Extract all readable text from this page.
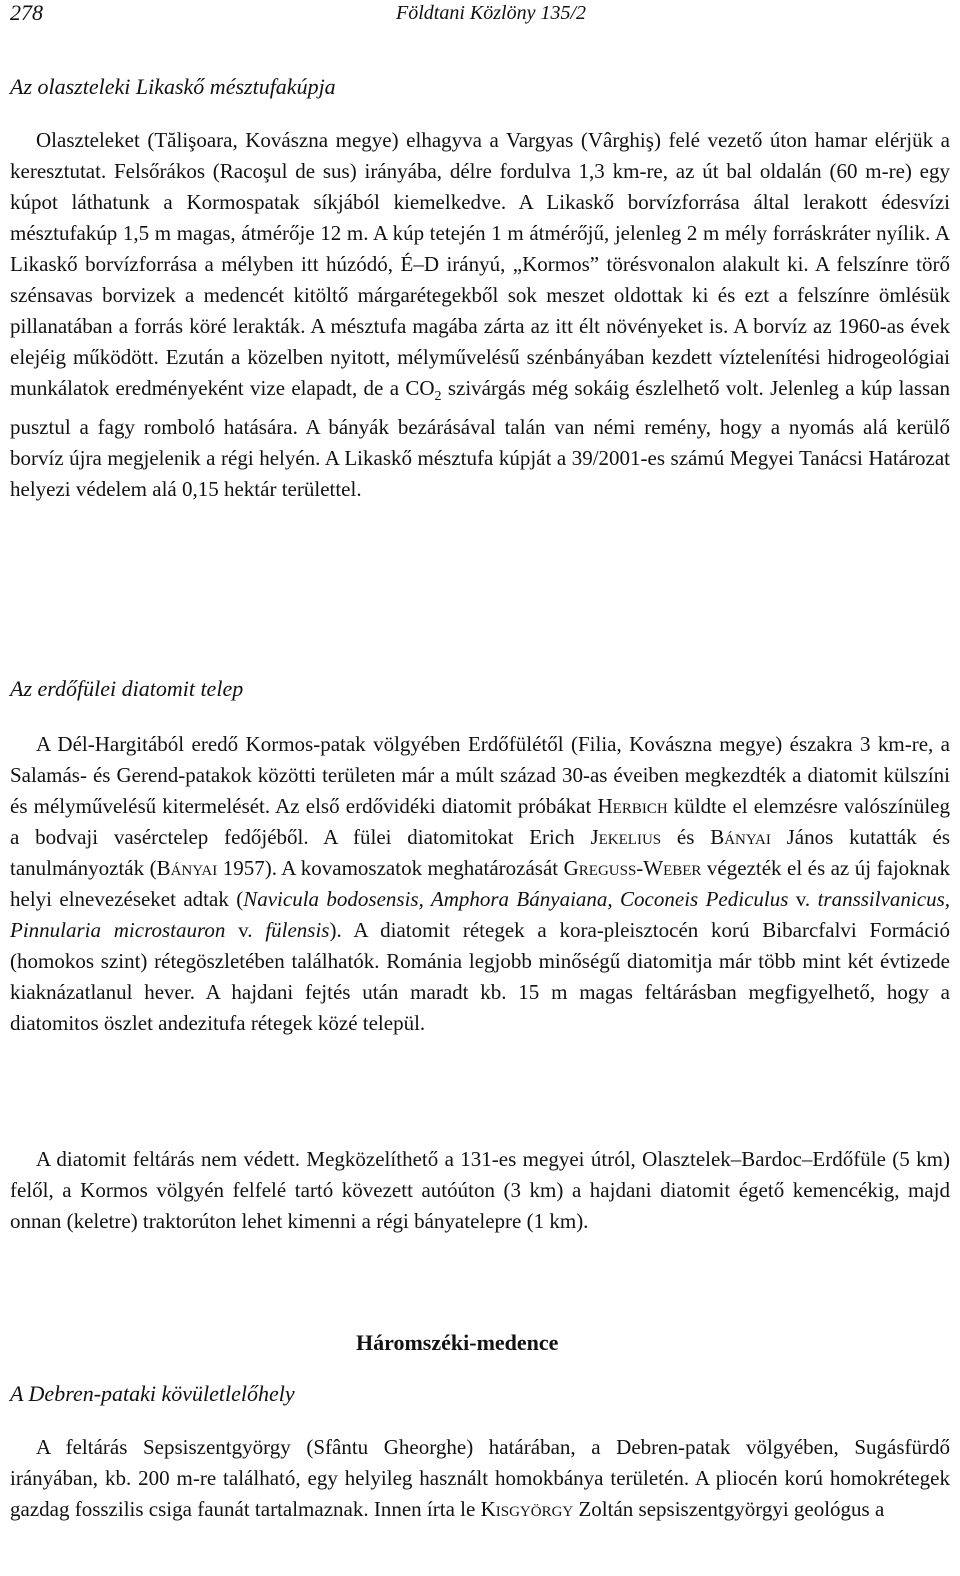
278	Földtani Közlöny 135/2
Az olaszteleki Likaskő mésztufakúpja

Olaszteleket (Tălişoara, Kovászna megye) elhagyva a Vargyas (Vârghiş) felé vezető úton hamar elérjük a keresztutat. Felsőrákos (Racoşul de sus) irányába, délre fordulva 1,3 km-re, az út bal oldalán (60 m-re) egy kúpot láthatunk a Kormospatak síkjából kiemelkedve. A Likaskő borvízforrása által lerakott édesvízi mésztufakúp 1,5 m magas, átmérője 12 m. A kúp tetején 1 m átmérőjű, jelenleg 2 m mély forráskráter nyílik. A Likaskő borvízforrása a mélyben itt húzódó, É–D irányú, „Kormos” törésvonalon alakult ki. A felszínre törő szénsavas borvizek a medencét kitöltő márgarétegekből sok meszet oldottak ki és ezt a felszínre ömlésük pillanatában a forrás köré lerakták. A mésztufa magába zárta az itt élt növényeket is. A borvíz az 1960-as évek elejéig működött. Ezután a közelben nyitott, mélyművelésű szénbányában kezdett víztelenítési hidrogeológiai munkálatok eredményeként vize elapadt, de a $CO_2$ szivárgás még sokáig észlelhető volt. Jelenleg a kúp lassan pusztul a fagy romboló hatására. A bányák bezárásával talán van némi remény, hogy a nyomás alá kerülő borvíz újra megjelenik a régi helyén. A Likaskő mésztufa kúpját a 39/2001-es számú Megyei Tanácsi Határozat helyezi védelem alá 0,15 hektár területtel.

Az erdőfülei diatomit telep

A Dél-Hargitából eredő Kormos-patak völgyében Erdőfülétől (Filia, Kovászna megye) északra 3 km-re, a Salamás- és Gerend-patakok közötti területen már a múlt század 30-as éveiben megkezdték a diatomit külszíni és mélyművelésű kitermelését. Az első erdővidéki diatomit próbákat Herbich küldte el elemzésre valószínüleg a bodvaji vasérctelep fedőjéből. A fülei diatomitokat Erich Jekelius és Bányai János kutatták és tanulmányozták (Bányai 1957). A kovamoszatok meghatározását Greguss-Weber végezték el és az új fajoknak helyi elnevezéseket adtak (Navicula bodosensis, Amphora Bányaiana, Coconeis Pediculus v. transsilvanicus, Pinnularia microstauron v. fülensis). A diatomit rétegek a kora-pleisztocén korú Bibarcfalvi Formáció (homokos szint) rétegöszletében találhatók. Románia legjobb minőségű diatomitja már több mint két évtizede kiaknázatlanul hever. A hajdani fejtés után maradt kb. 15 m magas feltárásban megfigyelhető, hogy a diatomitos öszlet andezitufa rétegek közé települ.

A diatomit feltárás nem védett. Megközelíthető a 131-es megyei útról, Olasztelek–Bardoc–Erdőfüle (5 km) felől, a Kormos völgyén felfelé tartó kövezett autóúton (3 km) a hajdani diatomit égető kemencékig, majd onnan (keletre) traktorúton lehet kimenni a régi bányatelepre (1 km).

Háromszéki-medence
A Debren-pataki kövületlelőhely

A feltárás Sepsiszentgyörgy (Sfântu Gheorghe) határában, a Debren-patak völgyében, Sugásfürdő irányában, kb. 200 m-re található, egy helyileg használt homokbánya területén. A pliocén korú homokrétegek gazdag fosszilis csiga faunát tartalmaznak. Innen írta le Kisgyörgy Zoltán sepsiszentgyörgyi geológus a
